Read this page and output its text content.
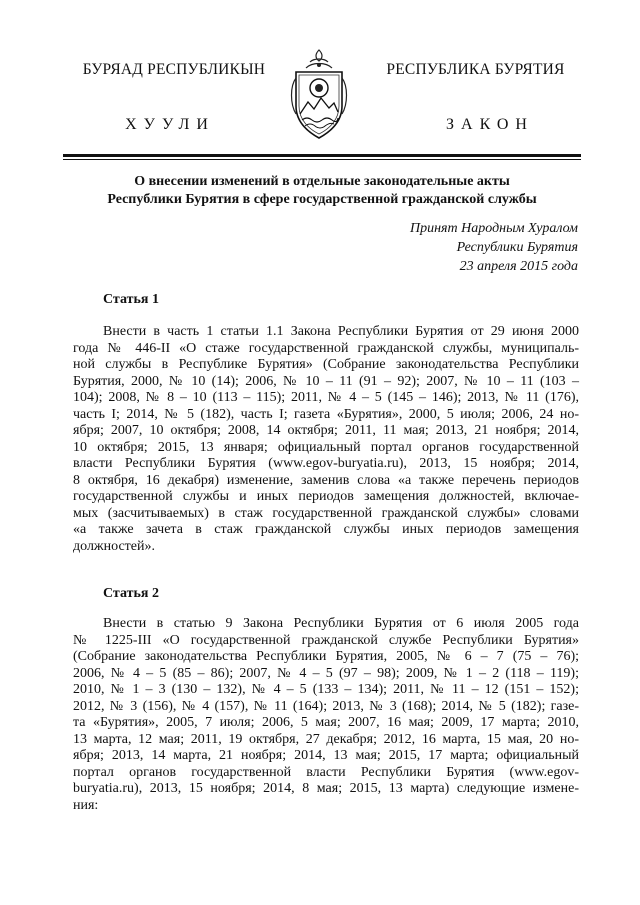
БУРЯАД РЕСПУБЛИКЫН	РЕСПУБЛИКА БУРЯТИЯ
ХУУЛИ	ЗАКОН
О внесении изменений в отдельные законодательные акты
Республики Бурятия в сфере государственной гражданской службы
Принят Народным Хуралом
Республики Бурятия
23 апреля 2015 года
Статья 1
Внести в часть 1 статьи 1.1 Закона Республики Бурятия от 29 июня 2000
года № 446-II «О стаже государственной гражданской службы, муниципаль-
ной службы в Республике Бурятия» (Собрание законодательства Республики
Бурятия, 2000, № 10 (14); 2006, № 10 – 11 (91 – 92); 2007, № 10 – 11 (103 –
104); 2008, № 8 – 10 (113 – 115); 2011, № 4 – 5 (145 – 146); 2013, № 11 (176),
часть I; 2014, № 5 (182), часть I; газета «Бурятия», 2000, 5 июля; 2006, 24 но-
ября; 2007, 10 октября; 2008, 14 октября; 2011, 11 мая; 2013, 21 ноября; 2014,
10 октября; 2015, 13 января; официальный портал органов государственной
власти Республики Бурятия (www.egov-buryatia.ru), 2013, 15 ноября; 2014,
8 октября, 16 декабря) изменение, заменив слова «а также перечень периодов
государственной службы и иных периодов замещения должностей, включае-
мых (засчитываемых) в стаж государственной гражданской службы» словами
«а также зачета в стаж гражданской службы иных периодов замещения
должностей».
Статья 2
Внести в статью 9 Закона Республики Бурятия от 6 июля 2005 года
№ 1225-III «О государственной гражданской службе Республики Бурятия»
(Собрание законодательства Республики Бурятия, 2005, № 6 – 7 (75 – 76);
2006, № 4 – 5 (85 – 86); 2007, № 4 – 5 (97 – 98); 2009, № 1 – 2 (118 – 119);
2010, № 1 – 3 (130 – 132), № 4 – 5 (133 – 134); 2011, № 11 – 12 (151 – 152);
2012, № 3 (156), № 4 (157), № 11 (164); 2013, № 3 (168); 2014, № 5 (182); газе-
та «Бурятия», 2005, 7 июля; 2006, 5 мая; 2007, 16 мая; 2009, 17 марта; 2010,
13 марта, 12 мая; 2011, 19 октября, 27 декабря; 2012, 16 марта, 15 мая, 20 но-
ября; 2013, 14 марта, 21 ноября; 2014, 13 мая; 2015, 17 марта; официальный
портал органов государственной власти Республики Бурятия (www.egov-
buryatia.ru), 2013, 15 ноября; 2014, 8 мая; 2015, 13 марта) следующие измене-
ния:
